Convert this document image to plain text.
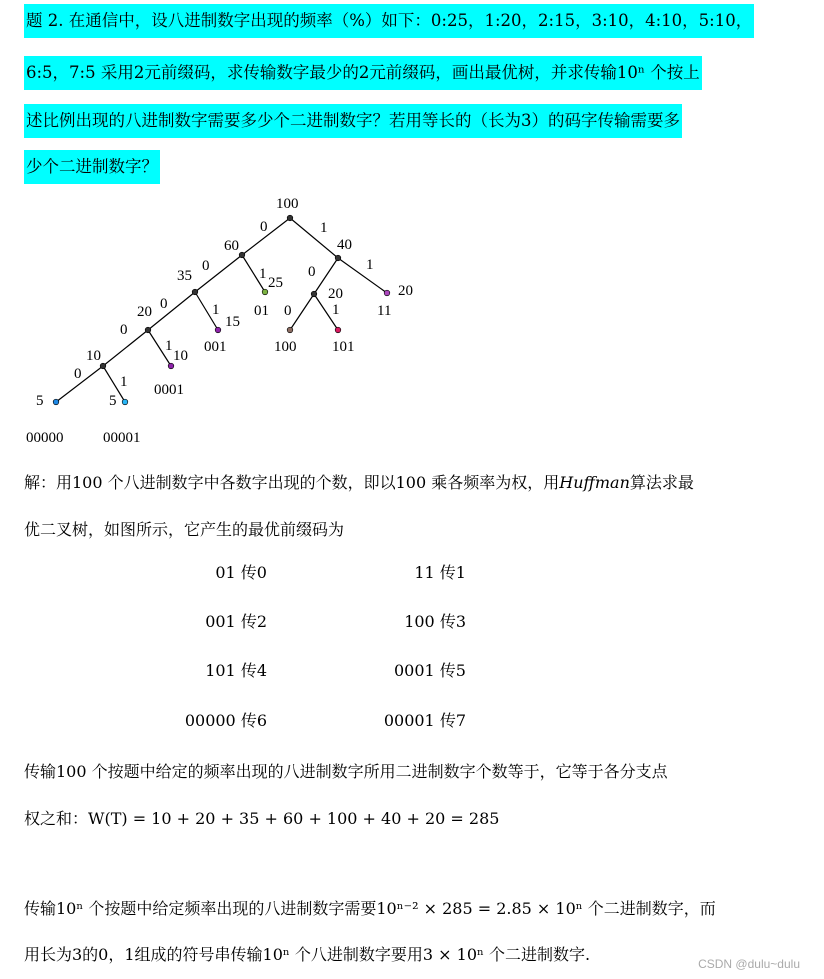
题 2. 在通信中，设八进制数字出现的频率（%）如下：0:25，1:20，2:15，3:10，4:10，5:10，
6:5，7:5 采用2元前缀码，求传输数字最少的2元前缀码，画出最优树，并求传输10ⁿ 个按上
述比例出现的八进制数字需要多少个二进制数字？若用等长的（长为3）的码字传输需要多
少个二进制数字？
100
60	40
35	25
20
20
20
15
10	10
5	5
0	1
0	1	0	1
0	1	0	1
0
1
0	1
01	11
001	100 101
0001
00000	00001
解：用100 个八进制数字中各数字出现的个数，即以100 乘各频率为权，用Huffman算法求最
优二叉树，如图所示，它产生的最优前缀码为
01 传0	11 传1
001 传2	100 传3
101 传4	0001 传5
00000 传6	00001 传7
传输100 个按题中给定的频率出现的八进制数字所用二进制数字个数等于，它等于各分支点
权之和：W(T) = 10 + 20 + 35 + 60 + 100 + 40 + 20 = 285
传输10ⁿ 个按题中给定频率出现的八进制数字需要10ⁿ⁻² × 285 = 2.85 × 10ⁿ 个二进制数字，而
用长为3的0，1组成的符号串传输10ⁿ 个八进制数字要用3 × 10ⁿ 个二进制数字.	CSDN @dulu~dulu
